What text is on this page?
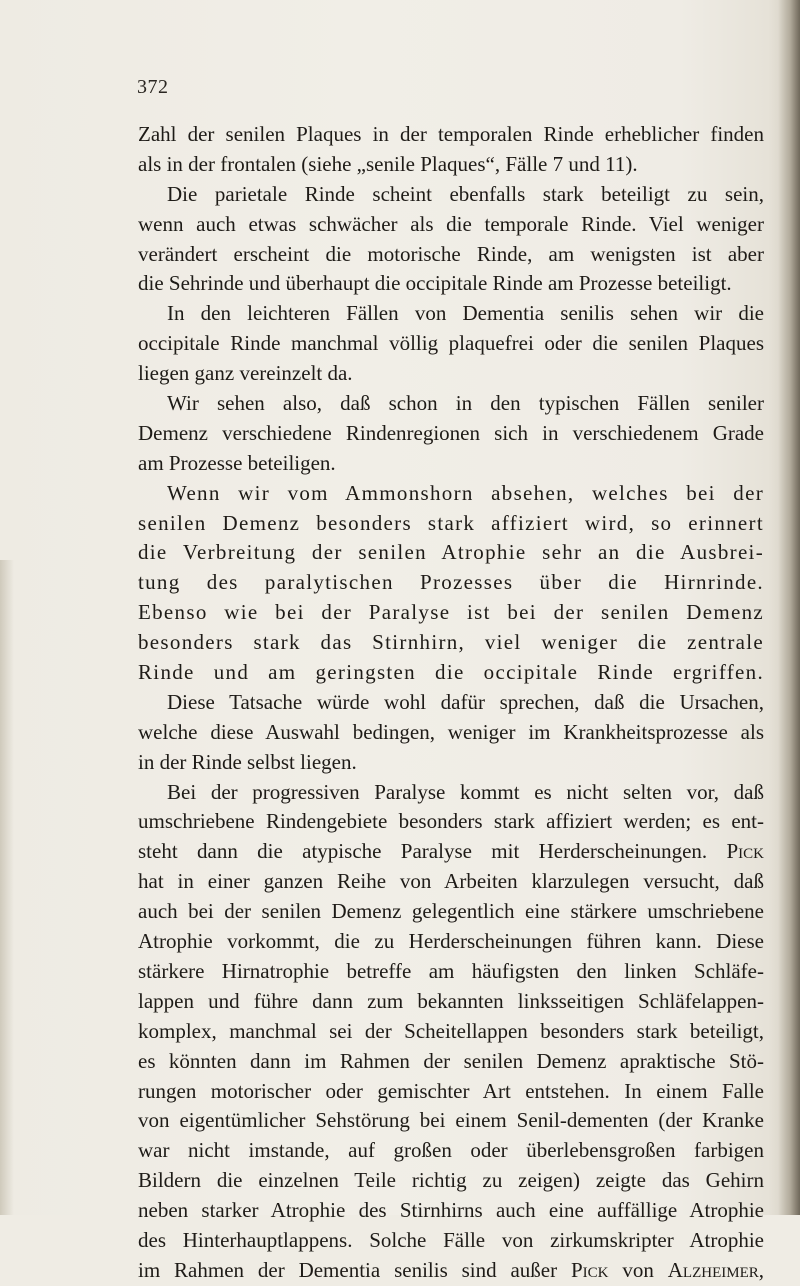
372

Zahl der senilen Plaques in der temporalen Rinde erheblicher finden

als in der frontalen (siehe „senile Plaques“, Fälle 7 und 11).

Die parietale Rinde scheint ebenfalls stark beteiligt zu sein,

wenn auch etwas schwächer als die temporale Rinde. Viel weniger

verändert erscheint die motorische Rinde, am wenigsten ist aber

die Sehrinde und überhaupt die occipitale Rinde am Prozesse beteiligt.

In den leichteren Fällen von Dementia senilis sehen wir die

occipitale Rinde manchmal völlig plaquefrei oder die senilen Plaques

liegen ganz vereinzelt da.

Wir sehen also, daß schon in den typischen Fällen seniler

Demenz verschiedene Rindenregionen sich in verschiedenem Grade

am Prozesse beteiligen.

Wenn wir vom Ammonshorn absehen, welches bei der

senilen Demenz besonders stark affiziert wird, so erinnert

die Verbreitung der senilen Atrophie sehr an die Ausbrei-

tung des paralytischen Prozesses über die Hirnrinde.

Ebenso wie bei der Paralyse ist bei der senilen Demenz

besonders stark das Stirnhirn, viel weniger die zentrale

Rinde und am geringsten die occipitale Rinde ergriffen.

Diese Tatsache würde wohl dafür sprechen, daß die Ursachen,

welche diese Auswahl bedingen, weniger im Krankheitsprozesse als

in der Rinde selbst liegen.

Bei der progressiven Paralyse kommt es nicht selten vor, daß

umschriebene Rindengebiete besonders stark affiziert werden; es ent-

steht dann die atypische Paralyse mit Herderscheinungen. Pick

hat in einer ganzen Reihe von Arbeiten klarzulegen versucht, daß

auch bei der senilen Demenz gelegentlich eine stärkere umschriebene

Atrophie vorkommt, die zu Herderscheinungen führen kann. Diese

stärkere Hirnatrophie betreffe am häufigsten den linken Schläfe-

lappen und führe dann zum bekannten linksseitigen Schläfelappen-

komplex, manchmal sei der Scheitellappen besonders stark beteiligt,

es könnten dann im Rahmen der senilen Demenz apraktische Stö-

rungen motorischer oder gemischter Art entstehen. In einem Falle

von eigentümlicher Sehstörung bei einem Senil-dementen (der Kranke

war nicht imstande, auf großen oder überlebensgroßen farbigen

Bildern die einzelnen Teile richtig zu zeigen) zeigte das Gehirn

neben starker Atrophie des Stirnhirns auch eine auffällige Atrophie

des Hinterhauptlappens. Solche Fälle von zirkumskripter Atrophie

im Rahmen der Dementia senilis sind außer Pick von Alzheimer,
